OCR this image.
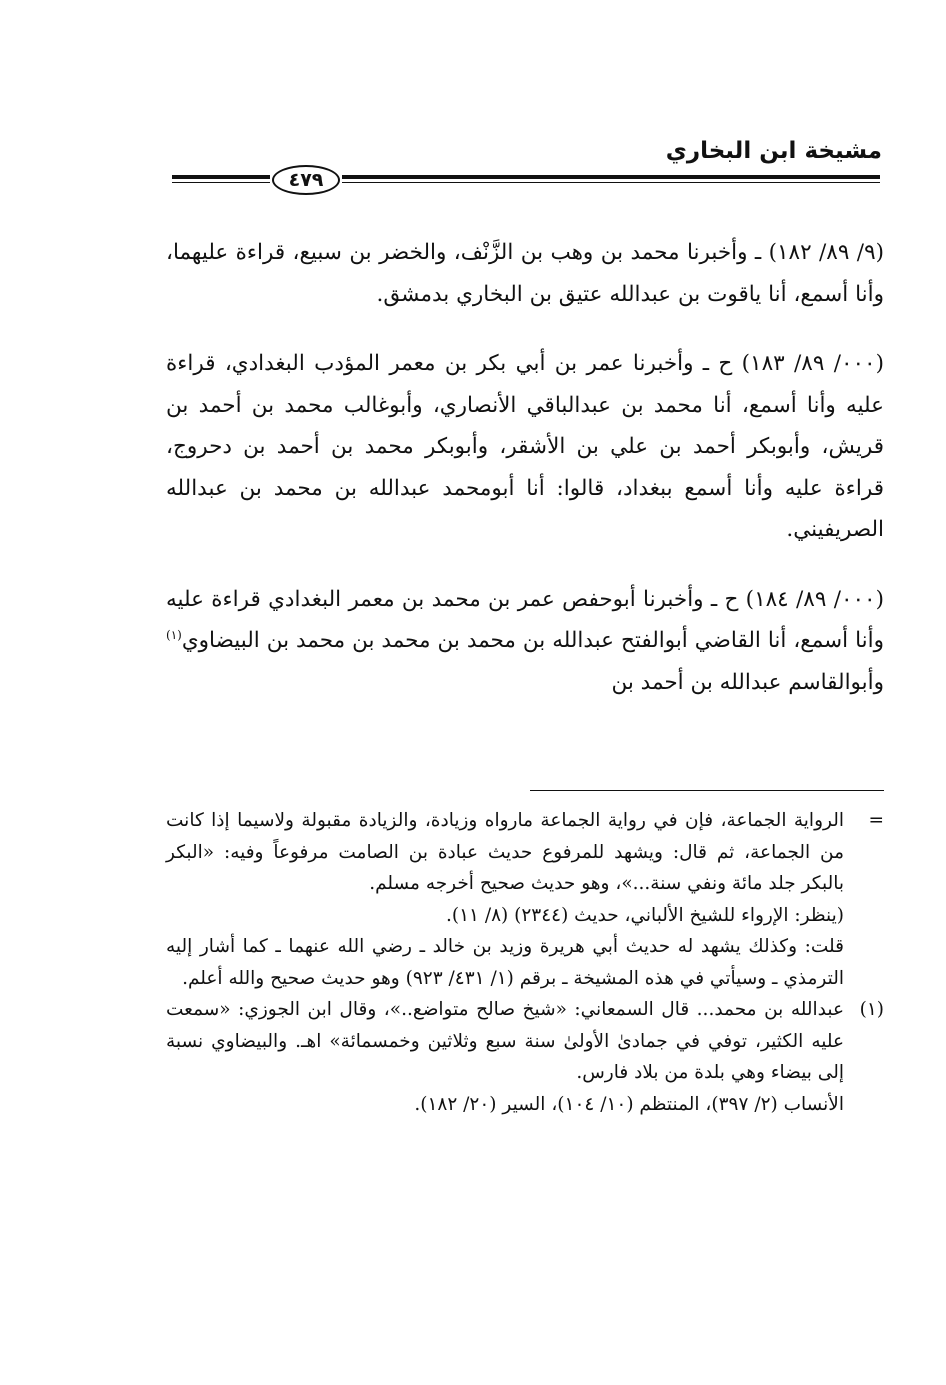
مشيخة ابن البخاري
٤٧٩

(٩/ ٨٩/ ١٨٢) ـ وأخبرنا محمد بن وهب بن الزَّنْف، والخضر بن سبيع، قراءة عليهما، وأنا أسمع، أنا ياقوت بن عبدالله عتيق بن البخاري بدمشق.

(٠٠٠/ ٨٩/ ١٨٣) ح ـ وأخبرنا عمر بن أبي بكر بن معمر المؤدب البغدادي، قراءة عليه وأنا أسمع، أنا محمد بن عبدالباقي الأنصاري، وأبوغالب محمد بن أحمد بن قريش، وأبوبكر أحمد بن علي بن الأشقر، وأبوبكر محمد بن أحمد بن دحروج، قراءة عليه وأنا أسمع ببغداد، قالوا: أنا أبومحمد عبدالله بن محمد بن عبدالله الصريفيني.

(٠٠٠/ ٨٩/ ١٨٤) ح ـ وأخبرنا أبوحفص عمر بن محمد بن معمر البغدادي قراءة عليه وأنا أسمع، أنا القاضي أبوالفتح عبدالله بن محمد بن محمد بن محمد بن البيضاوي$^{(١)}$ وأبوالقاسم عبدالله بن أحمد بن

=
الرواية الجماعة، فإن في رواية الجماعة مارواه وزيادة، والزيادة مقبولة ولاسيما إذا كانت من الجماعة، ثم قال: ويشهد للمرفوع حديث عبادة بن الصامت مرفوعاً وفيه: «البكر بالبكر جلد مائة ونفي سنة...»، وهو حديث صحيح أخرجه مسلم.
(ينظر: الإرواء للشيخ الألباني، حديث (٢٣٤٤) (٨/ ١١).
قلت: وكذلك يشهد له حديث أبي هريرة وزيد بن خالد ـ رضي الله عنهما ـ كما أشار إليه الترمذي ـ وسيأتي في هذه المشيخة ـ برقم (١/ ٤٣١/ ٩٢٣) وهو حديث صحيح والله أعلم.
(١)
عبدالله بن محمد... قال السمعاني: «شيخ صالح متواضع..»، وقال ابن الجوزي: «سمعت عليه الكثير، توفي في جمادىٰ الأولىٰ سنة سبع وثلاثين وخمسمائة» اهـ. والبيضاوي نسبة إلى بيضاء وهي بلدة من بلاد فارس.
الأنساب (٢/ ٣٩٧)، المنتظم (١٠/ ١٠٤)، السير (٢٠/ ١٨٢).
